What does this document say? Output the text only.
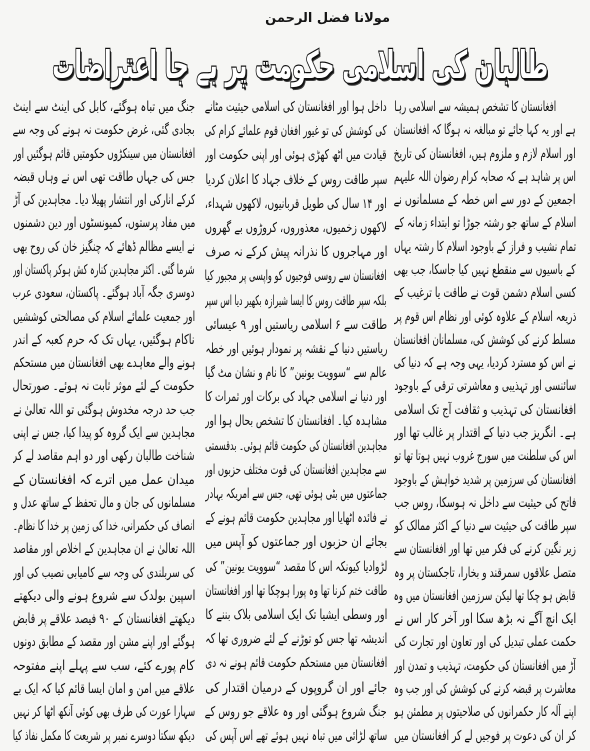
مولانا فضل الرحمن
طالبان کی اسلامی حکومت پر بے جا اعتراضات
افغانستان کا تشخص ہمیشہ سے اسلامی رہا
ہے اور یہ کہا جائے تو مبالغہ نہ ہوگا کہ افغانستان
اور اسلام لازم و ملزوم ہیں، افغانستان کی تاریخ
اس پر شاہد ہے کہ صحابہ کرام رضوان اللہ علیہم
اجمعین کے دور سے اس خطہ کے مسلمانوں نے
اسلام کے ساتھ جو رشتہ جوڑا تو ابتداء زمانہ کے
تمام نشیب و فراز کے باوجود اسلام کا رشتہ یہاں
کے باسیوں سے منقطع نہیں کیا جاسکا، جب بھی
کسی اسلام دشمن قوت نے طاقت یا ترغیب کے
ذریعہ اسلام کے علاوہ کوئی اور نظام اس قوم پر
مسلط کرنے کی کوشش کی، مسلمانان افغانستان
نے اس کو مسترد کردیا، یہی وجہ ہے کہ دنیا کی
سائنسی اور تہذیبی و معاشرتی ترقی کے باوجود
افغانستان کی تہذیب و ثقافت آج تک اسلامی
ہے۔ انگریز جب دنیا کے اقتدار پر غالب تھا اور
اس کی سلطنت میں سورج غروب نہیں ہوتا تھا تو
افغانستان کی سرزمین پر شدید خواہش کے باوجود
فاتح کی حیثیت سے داخل نہ ہوسکا، روس جب
سپر طاقت کی حیثیت سے دنیا کے اکثر ممالک کو
زیر نگین کرنے کی فکر میں تھا اور افغانستان سے
متصل علاقوں سمرقند و بخارا، تاجکستان پر وہ
قابض ہو چکا تھا لیکن سرزمین افغانستان میں وہ
ایک انچ آگے نہ بڑھ سکا اور آخر کار اس نے
حکمت عملی تبدیل کی اور تعاون اور تجارت کی
آڑ میں افغانستان کی حکومت، تہذیب و تمدن اور
معاشرت پر قبضہ کرنے کی کوشش کی اور جب وہ
اپنے آلہ کار حکمرانوں کی صلاحیتوں پر مطمئن ہو
کر ان کی دعوت پر فوجیں لے کر افغانستان میں
داخل ہوا اور افغانستان کی اسلامی حیثیت مٹانے
کی کوشش کی تو غیور افغان قوم علمائے کرام کی
قیادت میں اٹھ کھڑی ہوئی اور اپنی حکومت اور
سپر طاقت روس کے خلاف جہاد کا اعلان کردیا
اور ۱۴ سال کی طویل قربانیوں، لاکھوں شہداء،
لاکھوں زخمیوں، معذوروں، کروڑوں بے گھروں
اور مہاجروں کا نذرانہ پیش کرکے نہ صرف
افغانستان سے روسی فوجیوں کو واپسی پر مجبور کیا
بلکہ سپر طاقت روس کا ایسا شیرازہ بکھیر دیا اس سپر
طاقت سے ۶ اسلامی ریاستیں اور ۹ عیسائی
ریاستیں دنیا کے نقشہ پر نمودار ہوئیں اور خطہ
عالم سے “سوویت یونین” کا نام و نشان مٹ گیا
اور دنیا نے اسلامی جہاد کی برکات اور ثمرات کا
مشاہدہ کیا۔ افغانستان کا تشخص بحال ہوا اور
مجاہدین افغانستان کی حکومت قائم ہوئی۔ بدقسمتی
سے مجاہدین افغانستان کی قوت مختلف حزبوں اور
جماعتوں میں بٹی ہوئی تھی، جس سے امریکہ بہادر
نے فائدہ اٹھایا اور مجاہدین حکومت قائم ہونے کے
بجائے ان حزبوں اور جماعتوں کو آپس میں
لڑوادیا کیونکہ اس کا مقصد “سوویت یونین” کی
طاقت ختم کرنا تھا وہ پورا ہوچکا تھا اور افغانستان
اور وسطی ایشیا تک ایک اسلامی بلاک بننے کا
اندیشہ تھا جس کو توڑنے کے لئے ضروری تھا کہ
افغانستان میں مستحکم حکومت قائم ہونے نہ دی
جائے اور ان گروپوں کے درمیان اقتدار کی
جنگ شروع ہوگئی اور وہ علاقے جو روس کے
ساتھ لڑائی میں تباہ نہیں ہوئے تھے اس آپس کی
جنگ میں تباہ ہوگئے، کابل کی اینٹ سے اینٹ
بجادی گئی، غرض حکومت نہ ہونے کی وجہ سے
افغانستان میں سینکڑوں حکومتیں قائم ہوگئیں اور
جس کی جہاں طاقت تھی اس نے وہاں قبضہ
کرکے انارکی اور انتشار پھیلا دیا۔ مجاہدین کی آڑ
میں مفاد پرستوں، کمیونسٹوں اور دین دشمنوں
نے ایسے مظالم ڈھائے کہ چنگیز خان کی روح بھی
شرما گئی۔ اکثر مجاہدین کنارہ کش ہوکر پاکستان اور
دوسری جگہ آباد ہوگئے۔ پاکستان، سعودی عرب
اور جمعیت علمائے اسلام کی مصالحتی کوششیں
ناکام ہوگئیں، یہاں تک کہ حرم کعبہ کے اندر
ہونے والے معاہدے بھی افغانستان میں مستحکم
حکومت کے لئے موثر ثابت نہ ہوئے۔ صورتحال
جب حد درجہ مخدوش ہوگئی تو اللہ تعالیٰ نے
مجاہدین سے ایک گروہ کو پیدا کیا، جس نے اپنی
شناخت طالبان رکھی اور دو اہم مقاصد لے کر
میدان عمل میں اترے کہ افغانستان کے
مسلمانوں کی جان و مال تحفظ کے ساتھ عدل و
انصاف کی حکمرانی، خدا کی زمین پر خدا کا نظام۔
اللہ تعالیٰ نے ان مجاہدین کے اخلاص اور مقاصد
کی سربلندی کی وجہ سے کامیابی نصیب کی اور
اسپین بولدک سے شروع ہونے والی دیکھتے
دیکھتے افغانستان کے ۹۰ فیصد علاقے پر قابض
ہوگئے اور اپنے مشن اور مقصد کے مطابق دونوں
کام پورے کئے، سب سے پہلے اپنے مفتوحہ
علاقے میں امن و امان ایسا قائم کیا کہ ایک بے
سہارا عورت کی طرف بھی کوئی آنکھ اٹھا کر نہیں
دیکھ سکتا دوسرے نمبر پر شریعت کا مکمل نفاذ کیا
